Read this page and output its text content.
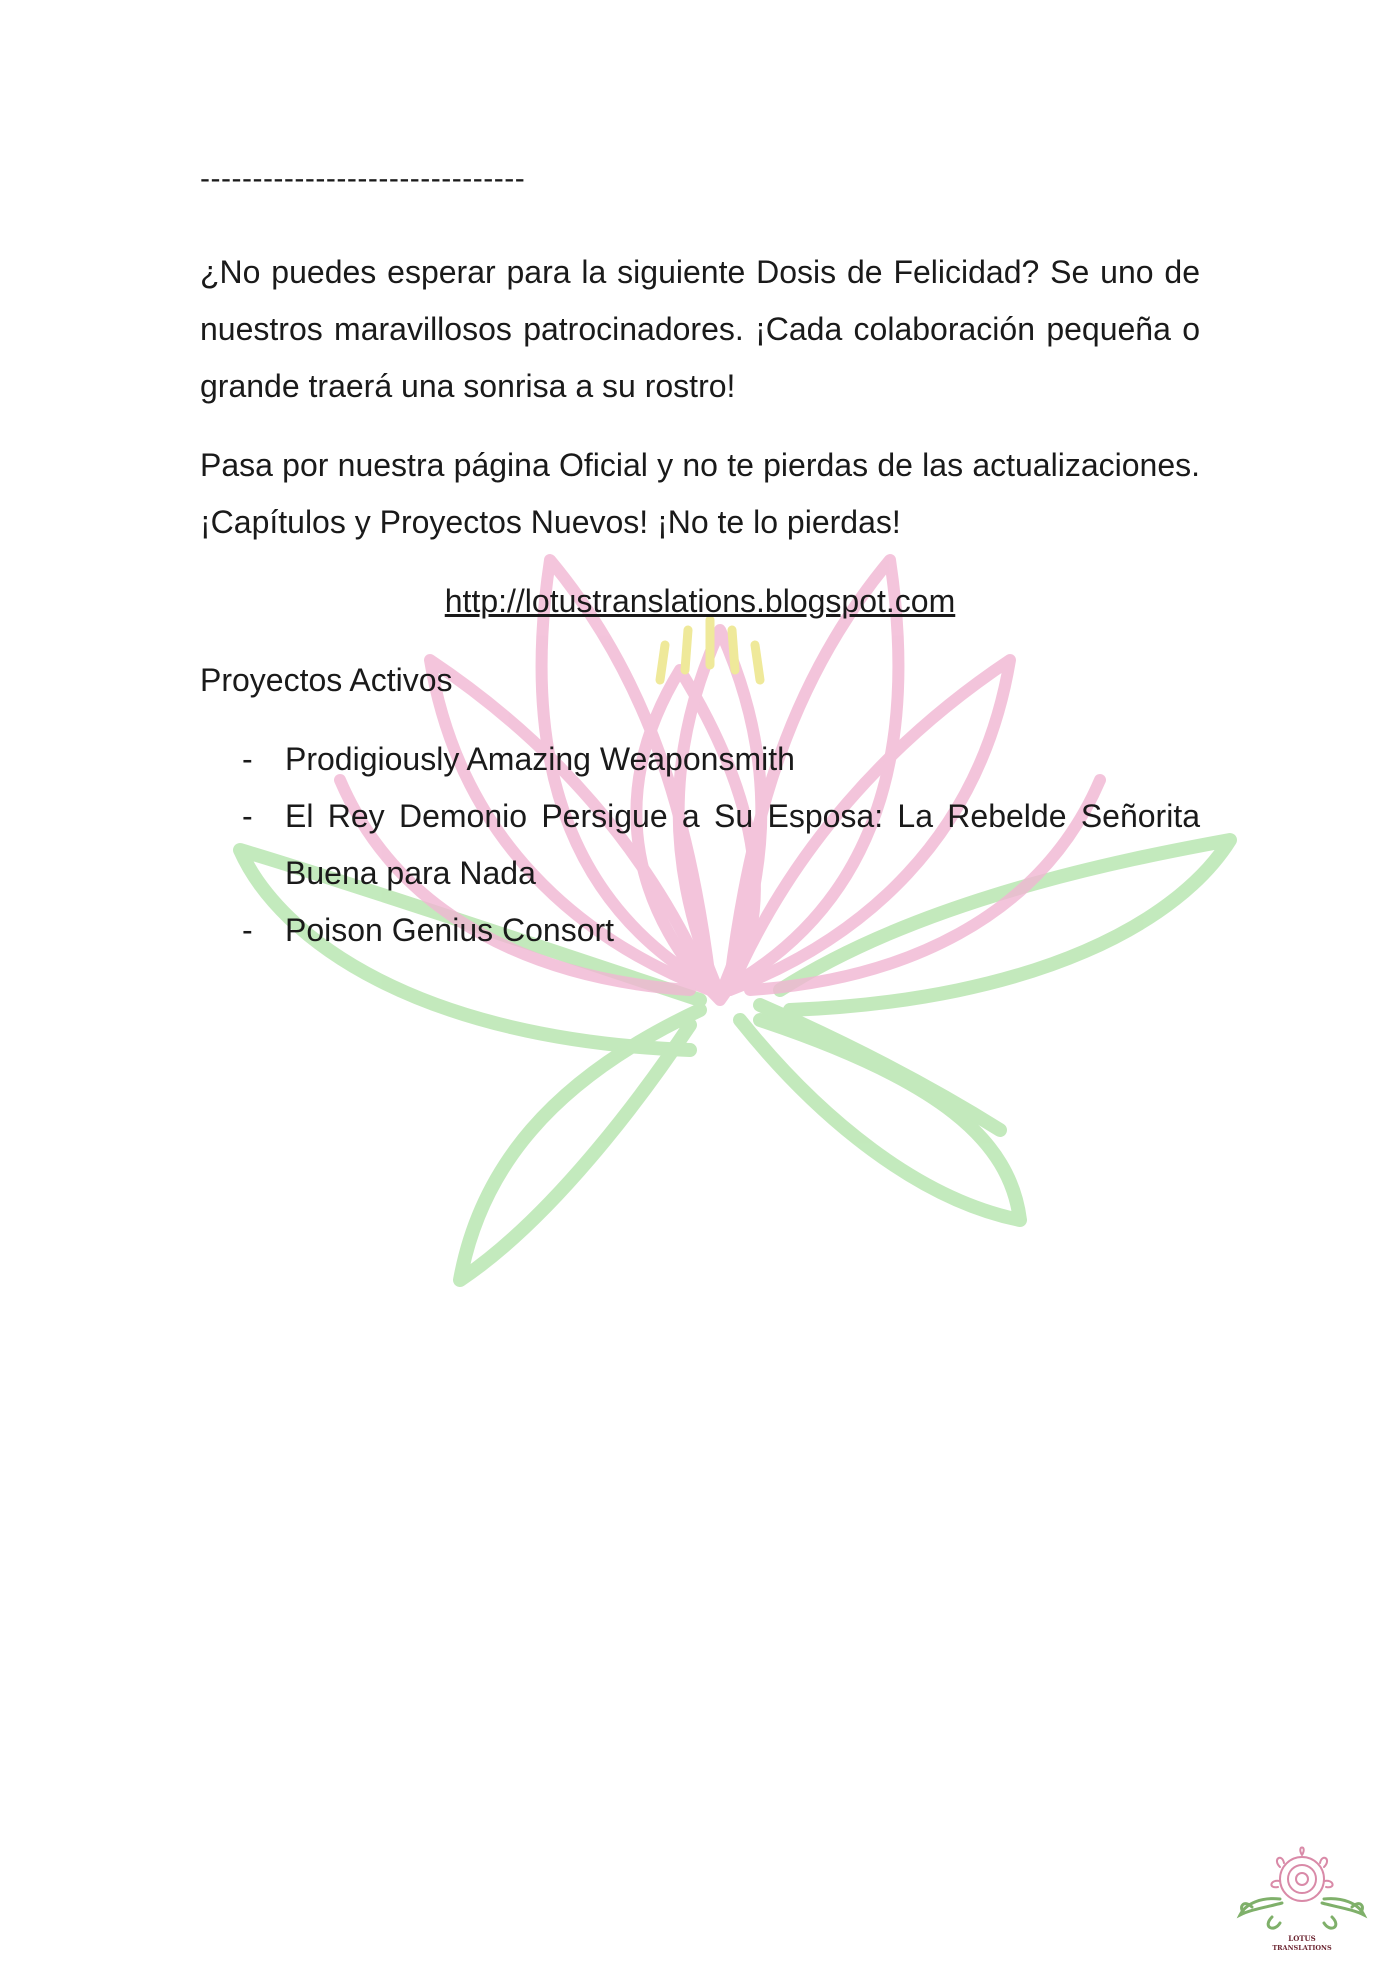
-------------------------------

¿No puedes esperar para la siguiente Dosis de Felicidad? Se uno de nuestros maravillosos patrocinadores. ¡Cada colaboración pequeña o grande traerá una sonrisa a su rostro!

Pasa por nuestra página Oficial y no te pierdas de las actualizaciones. ¡Capítulos y Proyectos Nuevos! ¡No te lo pierdas!

http://lotustranslations.blogspot.com
Proyectos Activos
- Prodigiously Amazing Weaponsmith
- El Rey Demonio Persigue a Su Esposa: La Rebelde Señorita Buena para Nada
- Poison Genius Consort
LOTUS
TRANSLATIONS
